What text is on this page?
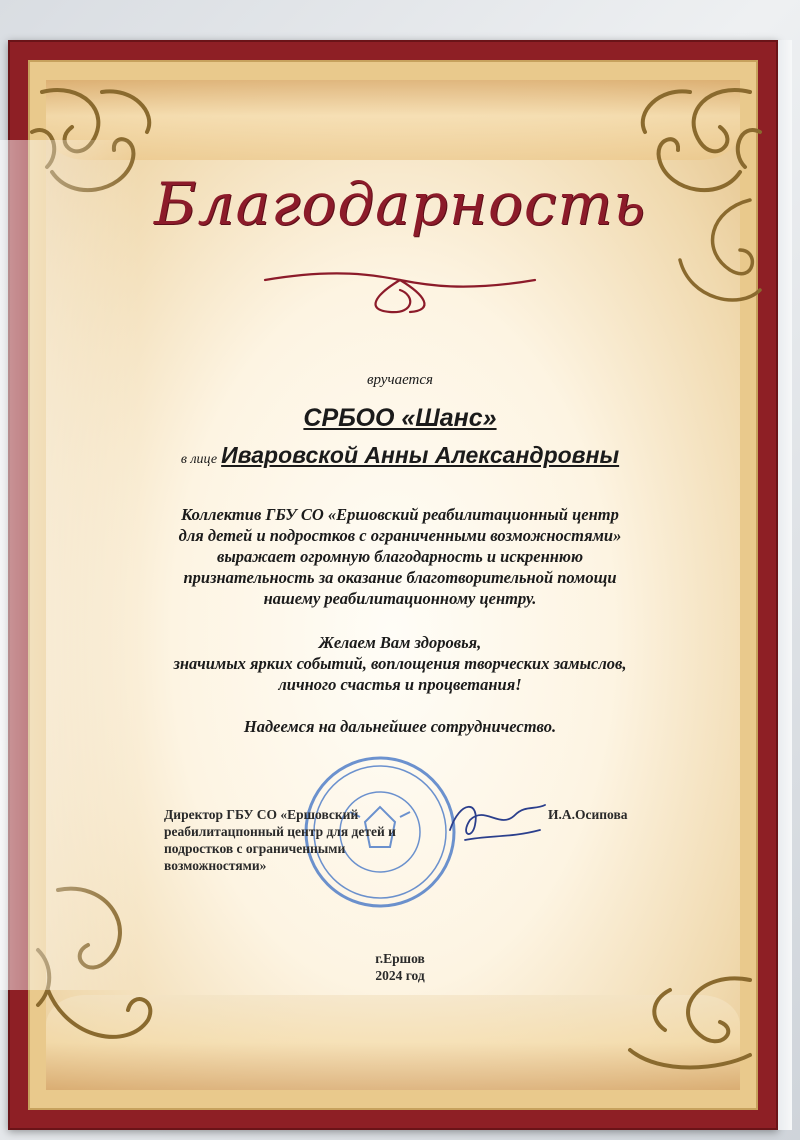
Благодарность
вручается
СРБОО «Шанс»
в лице Иваровской Анны Александровны
Коллектив ГБУ СО «Ершовский реабилитационный центр
для детей и подростков с ограниченными возможностями»
выражает огромную благодарность и искреннюю
признательность за оказание благотворительной помощи
нашему реабилитационному центру.
Желаем Вам здоровья,
значимых ярких событий, воплощения творческих замыслов,
личного счастья и процветания!
Надеемся на дальнейшее сотрудничество.
Директор ГБУ СО «Ершовский
реабилитацпонный центр для детей и
подростков с ограниченными
возможностями»
И.А.Осипова
г.Ершов
2024 год
